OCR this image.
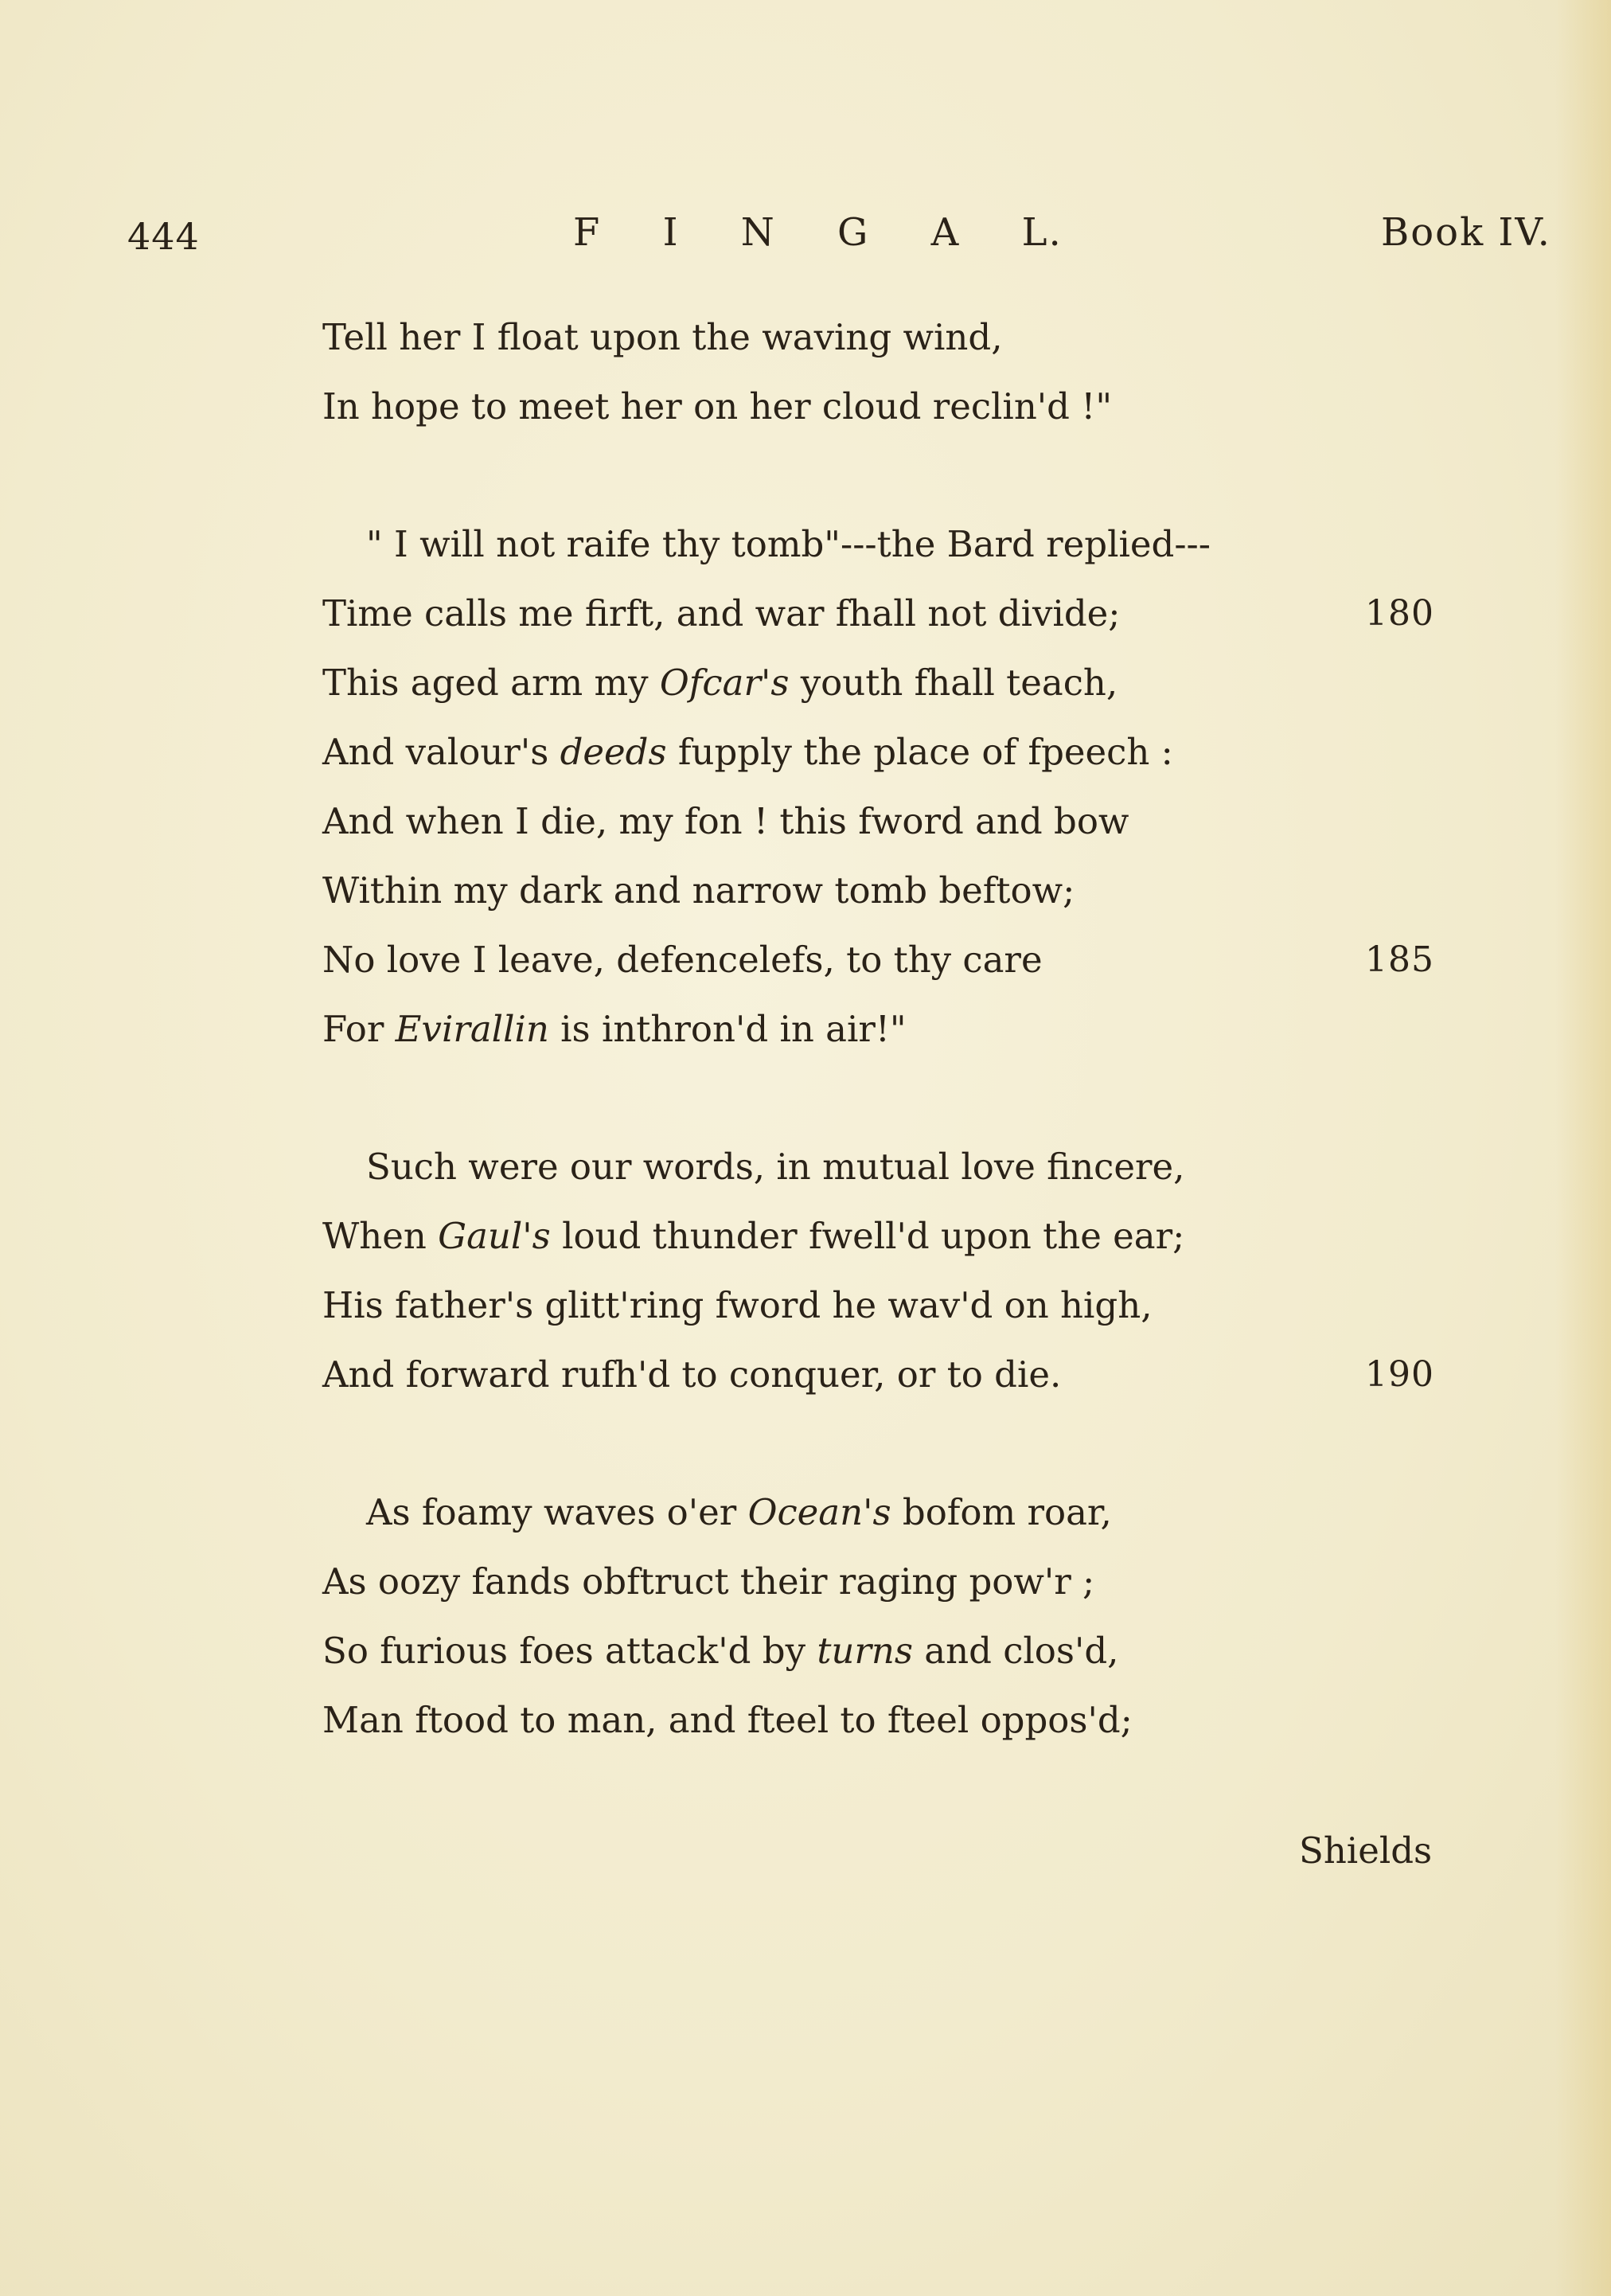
444	F I N G A L.	Book IV.
Tell her I float upon the waving wind,
In hope to meet her on her cloud reclin'd !"
" I will not raife thy tomb"---the Bard replied---
Time calls me firft, and war fhall not divide;	180
This aged arm my Ofcar's youth fhall teach,
And valour's deeds fupply the place of fpeech :
And when I die, my fon ! this fword and bow
Within my dark and narrow tomb beftow;
No love I leave, defencelefs, to thy care	185
For Evirallin is inthron'd in air!"
Such were our words, in mutual love fincere,
When Gaul's loud thunder fwell'd upon the ear;
His father's glitt'ring fword he wav'd on high,
And forward rufh'd to conquer, or to die.	190
As foamy waves o'er Ocean's bofom roar,
As oozy fands obftruct their raging pow'r ;
So furious foes attack'd by turns and clos'd,
Man ftood to man, and fteel to fteel oppos'd;
Shields
